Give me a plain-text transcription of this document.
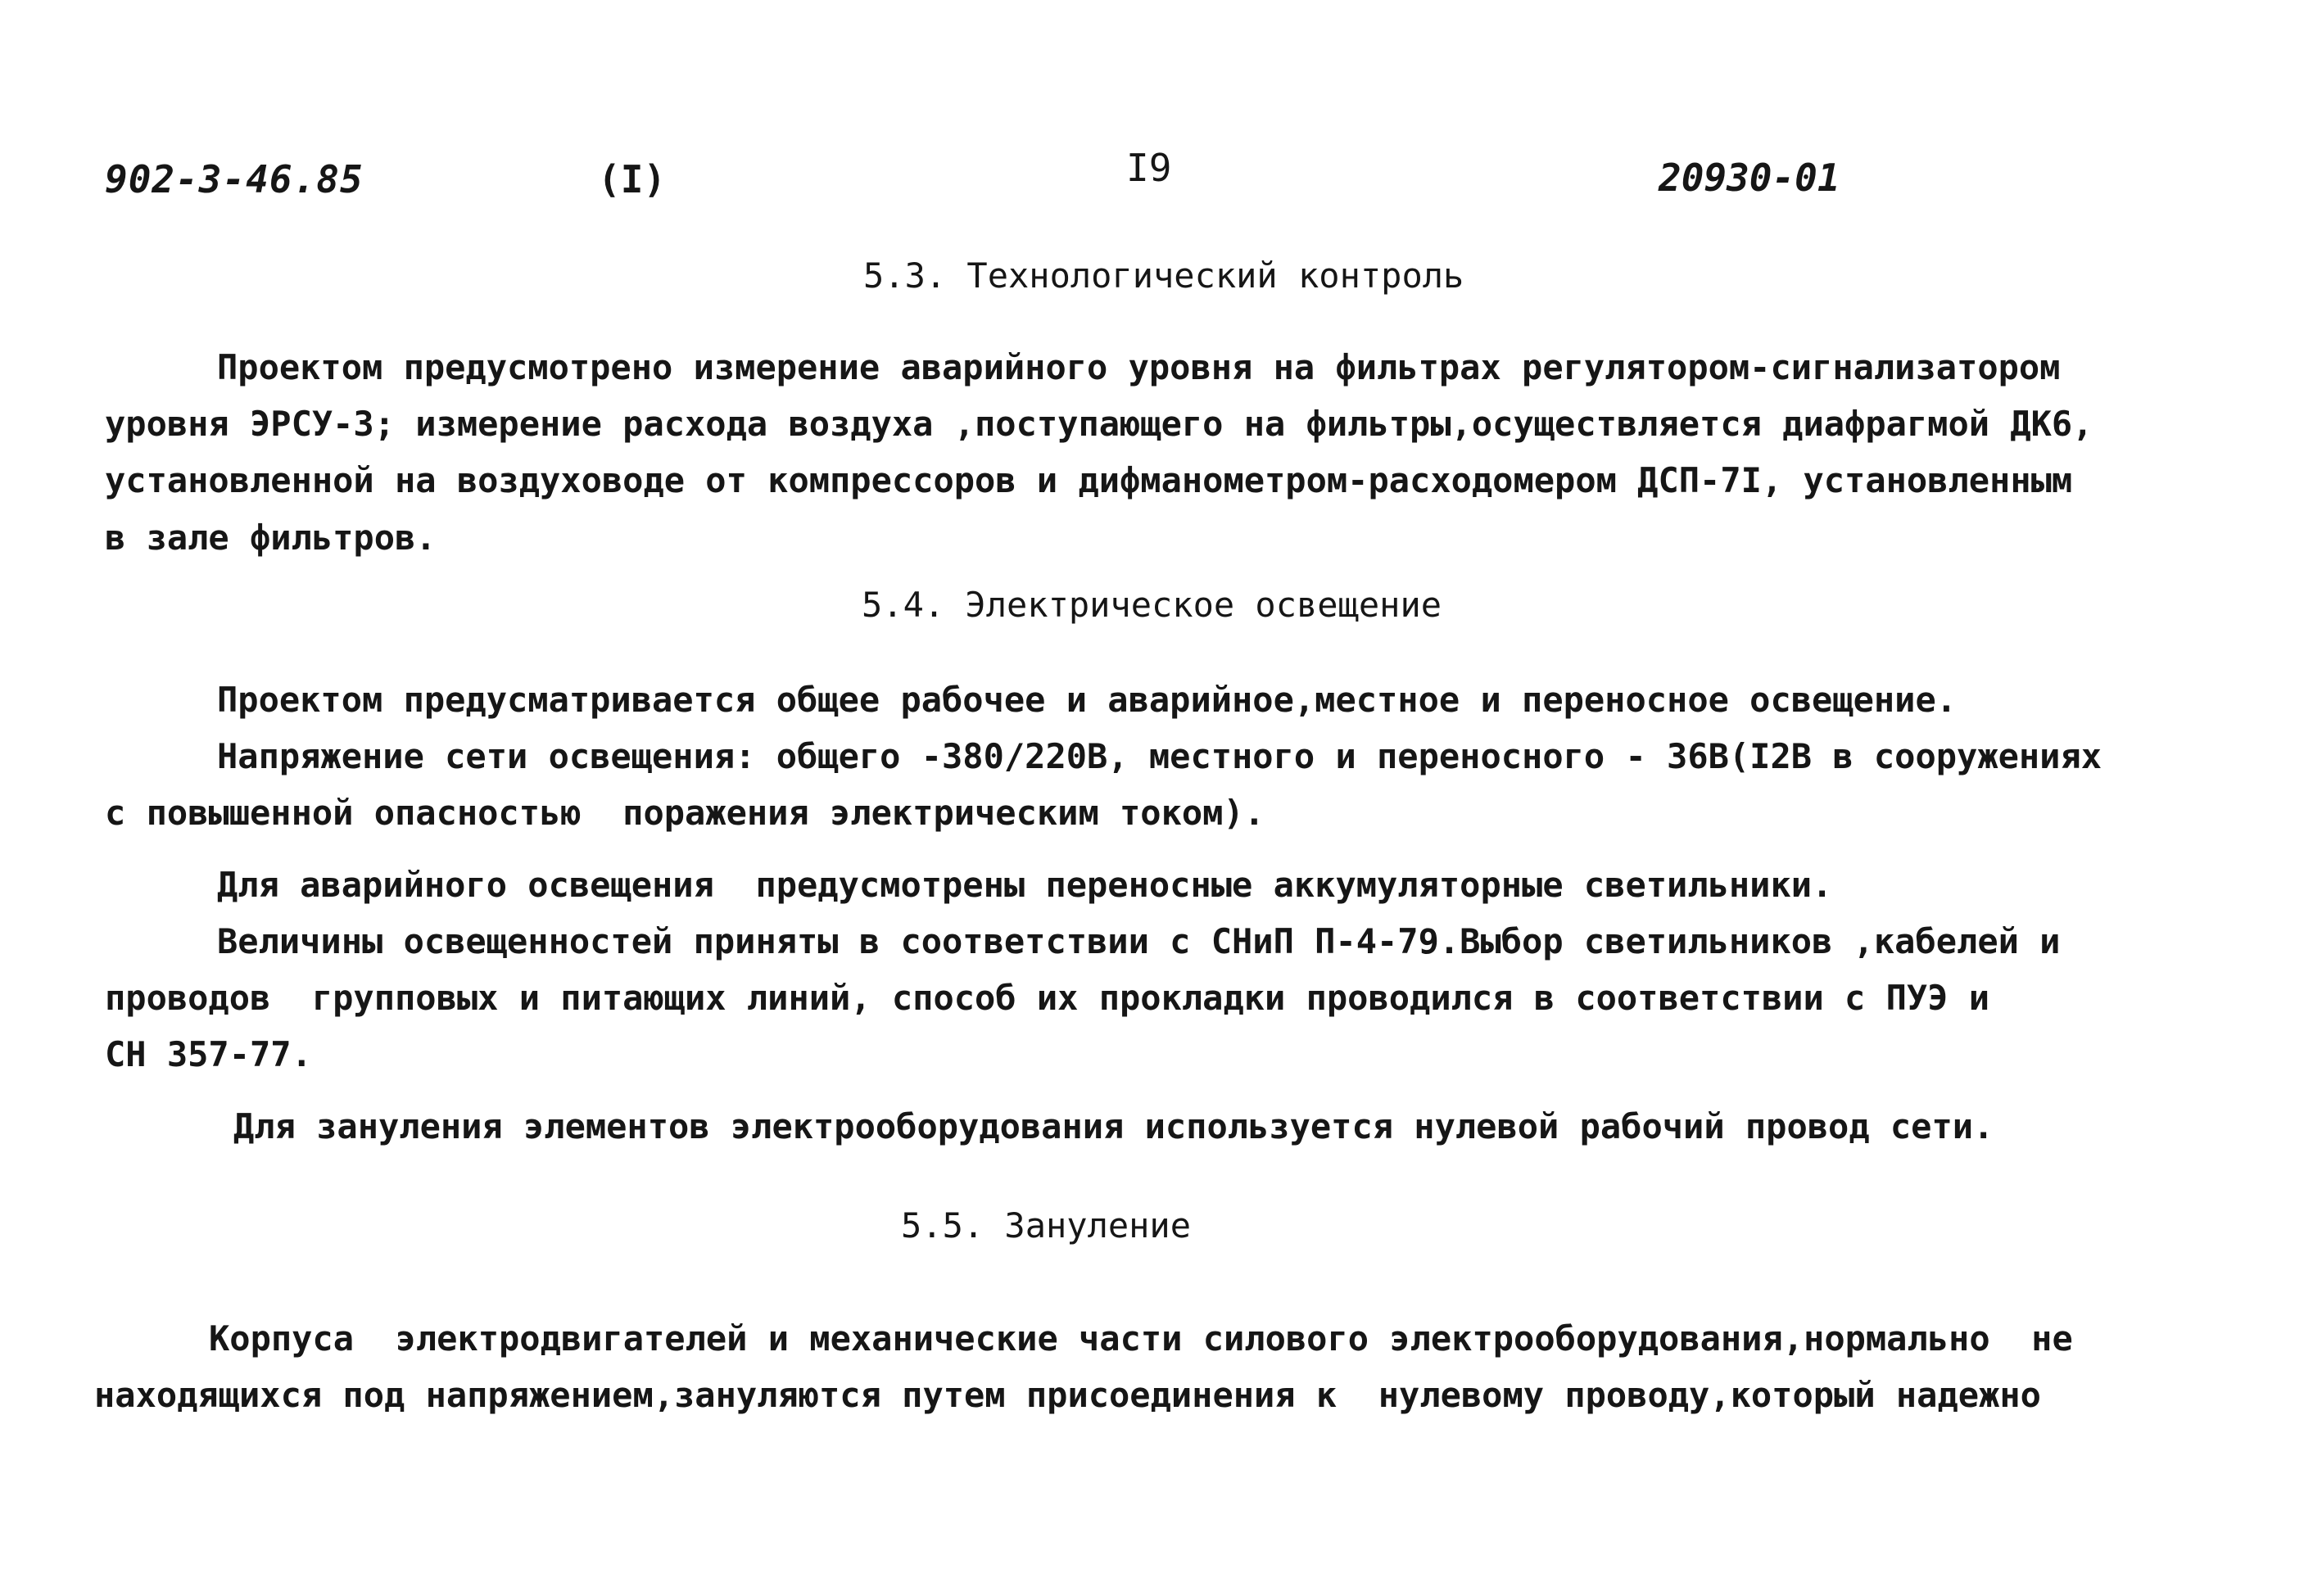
902-3-46.85	(I)	I9	20930-01
5.3. Технологический контроль
Проектом предусмотрено измерение аварийного уровня на фильтрах регулятором-сигнализатором
уровня ЭРСУ-3; измерение расхода воздуха ,поступающего на фильтры,осуществляется диафрагмой ДК6,
установленной на воздуховоде от компрессоров и дифманометром-расходомером ДСП-7I, установленным
в зале фильтров.
5.4. Электрическое освещение
Проектом предусматривается общее рабочее и аварийное,местное и переносное освещение.
Напряжение сети освещения: общего -380/220В, местного и переносного - 36В(I2В в сооружениях
с повышенной опасностью  поражения электрическим током).
Для аварийного освещения  предусмотрены переносные аккумуляторные светильники.
Величины освещенностей приняты в соответствии с СНиП П-4-79.Выбор светильников ,кабелей и
проводов  групповых и питающих линий, способ их прокладки проводился в соответствии с ПУЭ и
СН 357-77.
Для зануления элементов электрооборудования используется нулевой рабочий провод сети.
5.5. Зануление
Корпуса  электродвигателей и механические части силового электрооборудования,нормально  не
находящихся под напряжением,зануляются путем присоединения к  нулевому проводу,который надежно
